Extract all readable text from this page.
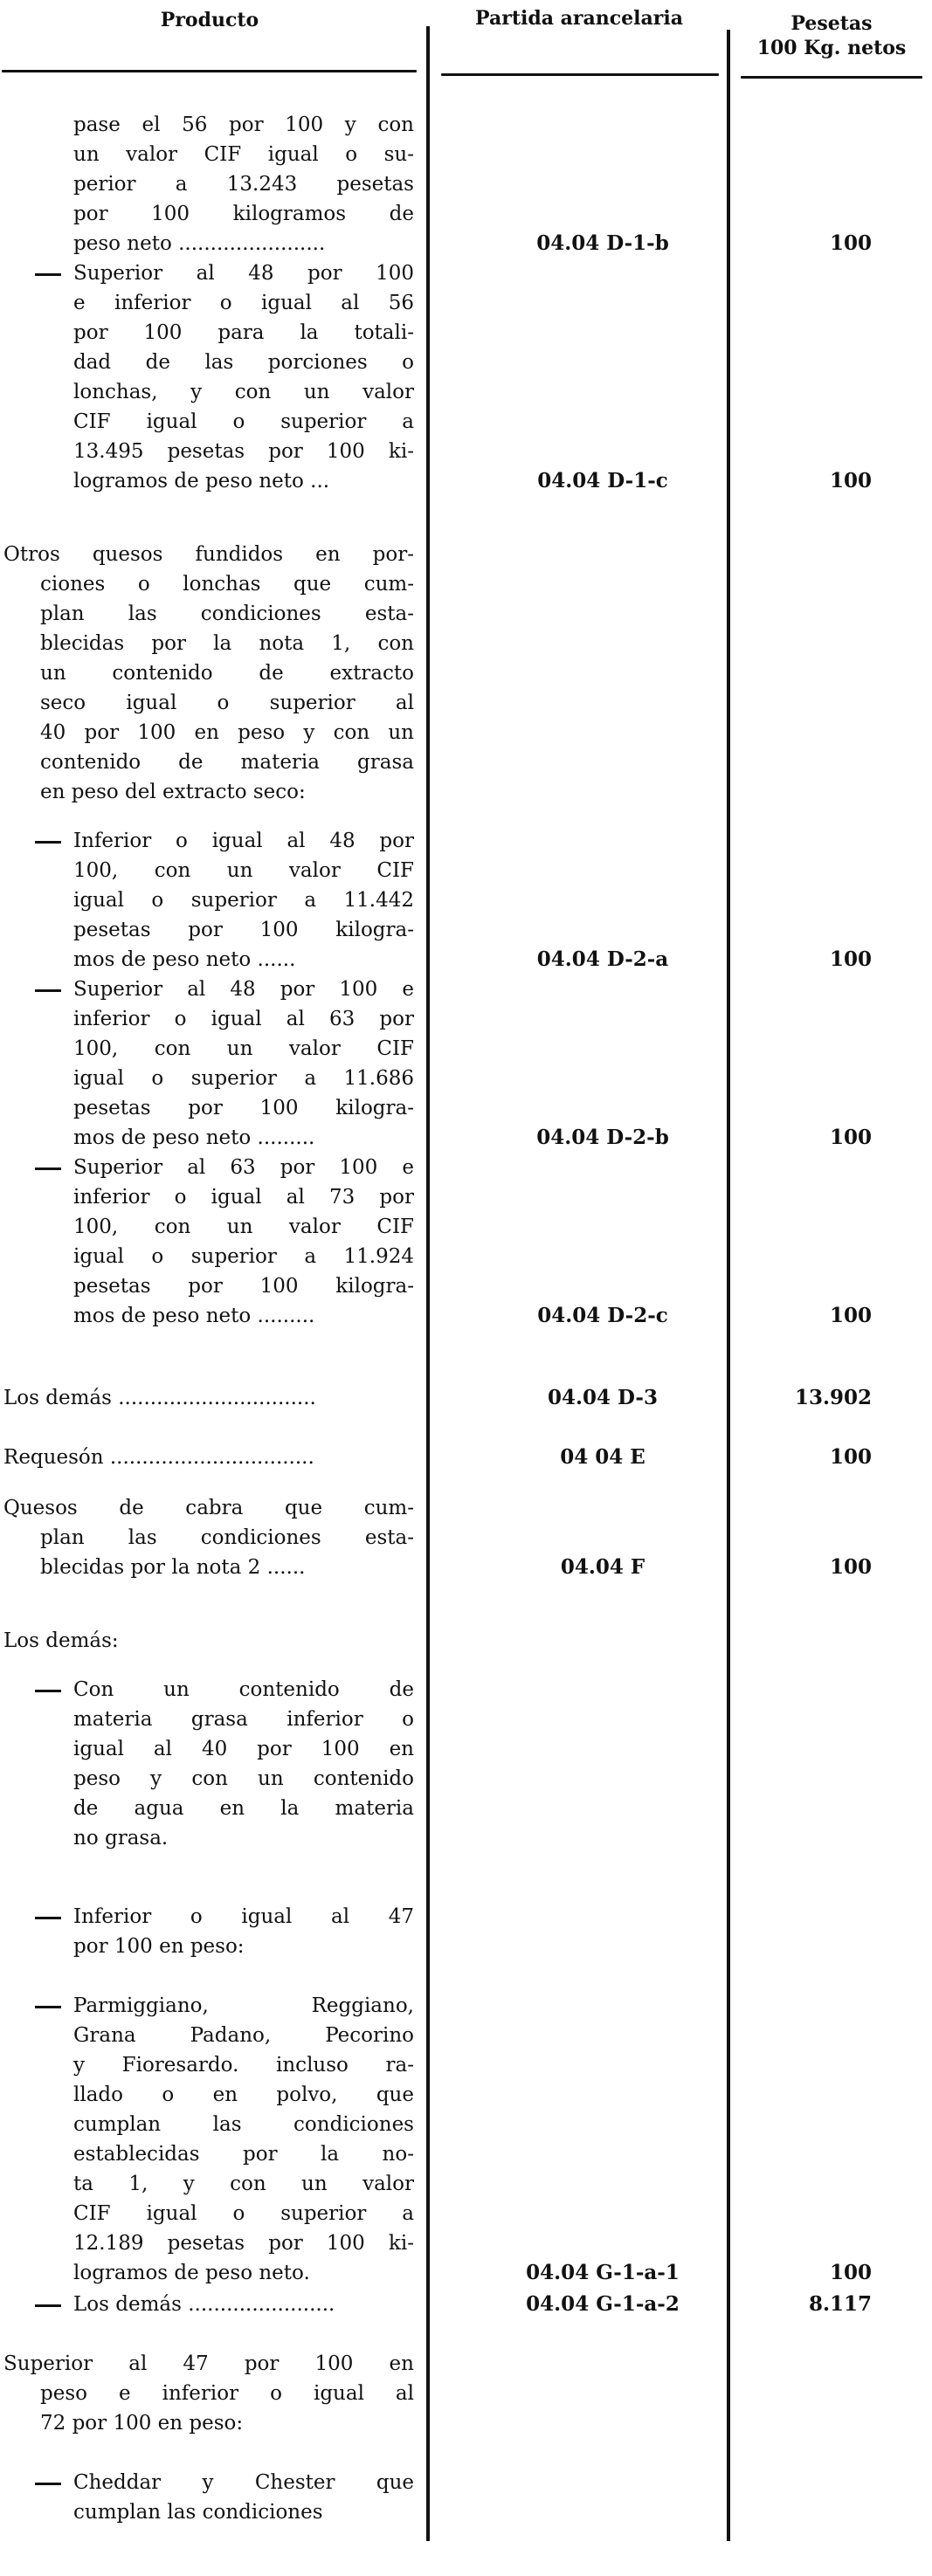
Producto	Partida arancelaria	Pesetas
100 Kg. netos
pase el 56 por 100 y con
un valor CIF igual o su-
perior a 13.243 pesetas
por 100 kilogramos de
peso neto .......................	04.04 D-1-b	100
Superior al 48 por 100
e inferior o igual al 56
por 100 para la totali-
dad de las porciones o
lonchas, y con un valor
CIF igual o superior a
13.495 pesetas por 100 ki-
logramos de peso neto ...	04.04 D-1-c	100
Otros quesos fundidos en por-
ciones o lonchas que cum-
plan las condiciones esta-
blecidas por la nota 1, con
un contenido de extracto
seco igual o superior al
40 por 100 en peso y con un
contenido de materia grasa
en peso del extracto seco:
Inferior o igual al 48 por
100, con un valor CIF
igual o superior a 11.442
pesetas por 100 kilogra-
mos de peso neto ......	04.04 D-2-a	100
Superior al 48 por 100 e
inferior o igual al 63 por
100, con un valor CIF
igual o superior a 11.686
pesetas por 100 kilogra-
mos de peso neto .........	04.04 D-2-b	100
Superior al 63 por 100 e
inferior o igual al 73 por
100, con un valor CIF
igual o superior a 11.924
pesetas por 100 kilogra-
mos de peso neto .........	04.04 D-2-c	100
Los demás ...............................	04.04 D-3	13.902
Requesón ................................	04 04 E	100
Quesos de cabra que cum-
plan las condiciones esta-
blecidas por la nota 2 ......	04.04 F	100
Los demás:
Con un contenido de
materia grasa inferior o
igual al 40 por 100 en
peso y con un contenido
de agua en la materia
no grasa.
Inferior o igual al 47
por 100 en peso:
Parmiggiano, Reggiano,
Grana Padano, Pecorino
y Fioresardo. incluso ra-
llado o en polvo, que
cumplan las condiciones
establecidas por la no-
ta 1, y con un valor
CIF igual o superior a
12.189 pesetas por 100 ki-
logramos de peso neto.	04.04 G-1-a-1	100
Los demás .......................	04.04 G-1-a-2	8.117
Superior al 47 por 100 en
peso e inferior o igual al
72 por 100 en peso:
Cheddar y Chester que
cumplan las condiciones
